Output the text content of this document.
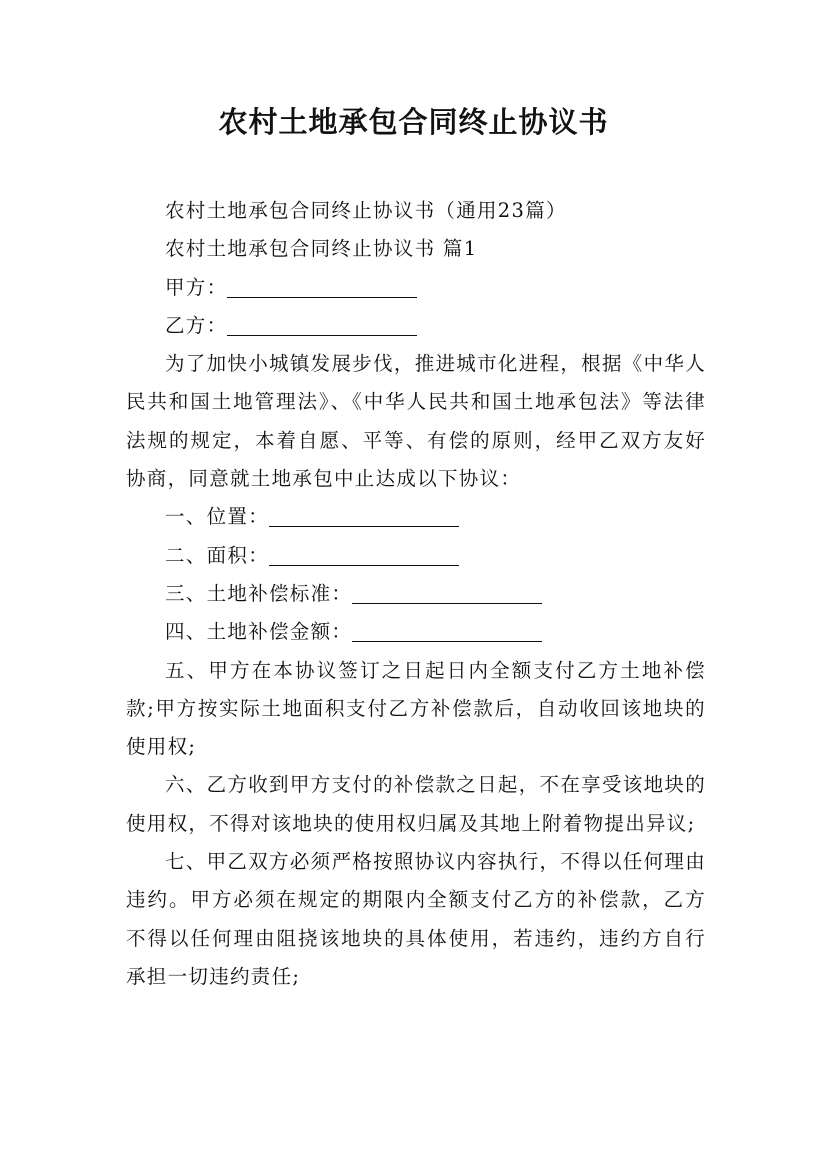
农村土地承包合同终止协议书

农村土地承包合同终止协议书（通用23篇）

农村土地承包合同终止协议书 篇1

甲方：

乙方：

为了加快小城镇发展步伐，推进城市化进程，根据《中华人民共和国土地管理法》、《中华人民共和国土地承包法》等法律法规的规定，本着自愿、平等、有偿的原则，经甲乙双方友好协商，同意就土地承包中止达成以下协议：

一、位置：

二、面积：

三、土地补偿标准：

四、土地补偿金额：

五、甲方在本协议签订之日起日内全额支付乙方土地补偿款;甲方按实际土地面积支付乙方补偿款后，自动收回该地块的使用权;

六、乙方收到甲方支付的补偿款之日起，不在享受该地块的使用权，不得对该地块的使用权归属及其地上附着物提出异议;

七、甲乙双方必须严格按照协议内容执行，不得以任何理由违约。甲方必须在规定的期限内全额支付乙方的补偿款，乙方不得以任何理由阻挠该地块的具体使用，若违约，违约方自行承担一切违约责任;
